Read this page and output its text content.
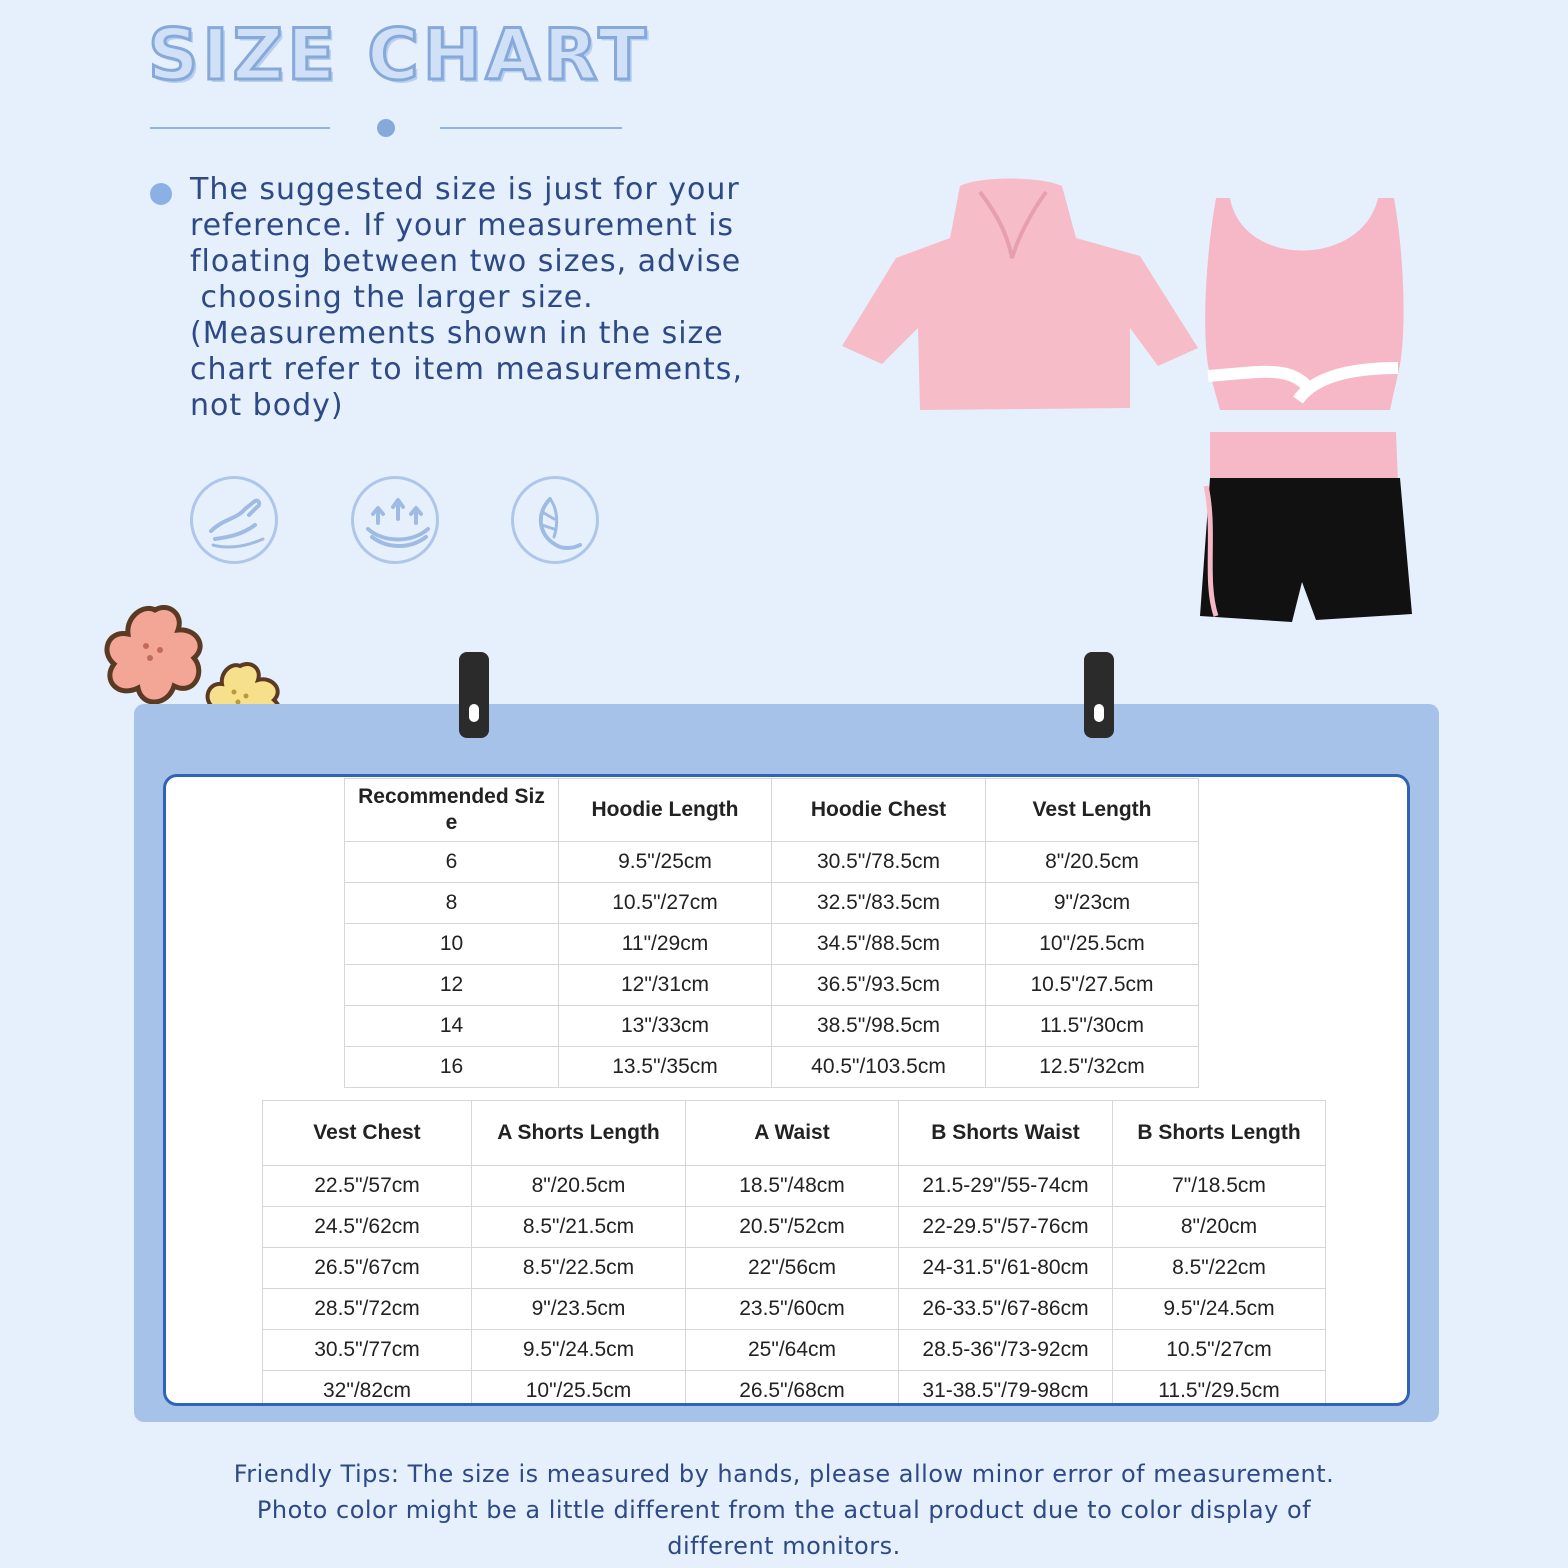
SIZE CHART
The suggested size is just for your
reference. If your measurement is
floating between two sizes, advise
choosing the larger size.
(Measurements shown in the size
chart refer to item measurements,
not body)
Recommended Siz
e	Hoodie Length	Hoodie Chest	Vest Length
6	9.5"/25cm	30.5"/78.5cm	8"/20.5cm
8	10.5"/27cm	32.5"/83.5cm	9"/23cm
10	11"/29cm	34.5"/88.5cm	10"/25.5cm
12	12"/31cm	36.5"/93.5cm	10.5"/27.5cm
14	13"/33cm	38.5"/98.5cm	11.5"/30cm
16	13.5"/35cm	40.5"/103.5cm	12.5"/32cm
Vest Chest	A Shorts Length	A Waist	B Shorts Waist	B Shorts Length
22.5"/57cm	8"/20.5cm	18.5"/48cm	21.5-29"/55-74cm	7"/18.5cm
24.5"/62cm	8.5"/21.5cm	20.5"/52cm	22-29.5"/57-76cm	8"/20cm
26.5"/67cm	8.5"/22.5cm	22"/56cm	24-31.5"/61-80cm	8.5"/22cm
28.5"/72cm	9"/23.5cm	23.5"/60cm	26-33.5"/67-86cm	9.5"/24.5cm
30.5"/77cm	9.5"/24.5cm	25"/64cm	28.5-36"/73-92cm	10.5"/27cm
32"/82cm	10"/25.5cm	26.5"/68cm	31-38.5"/79-98cm	11.5"/29.5cm
Friendly Tips: The size is measured by hands, please allow minor error of measurement.
Photo color might be a little different from the actual product due to color display of
different monitors.
